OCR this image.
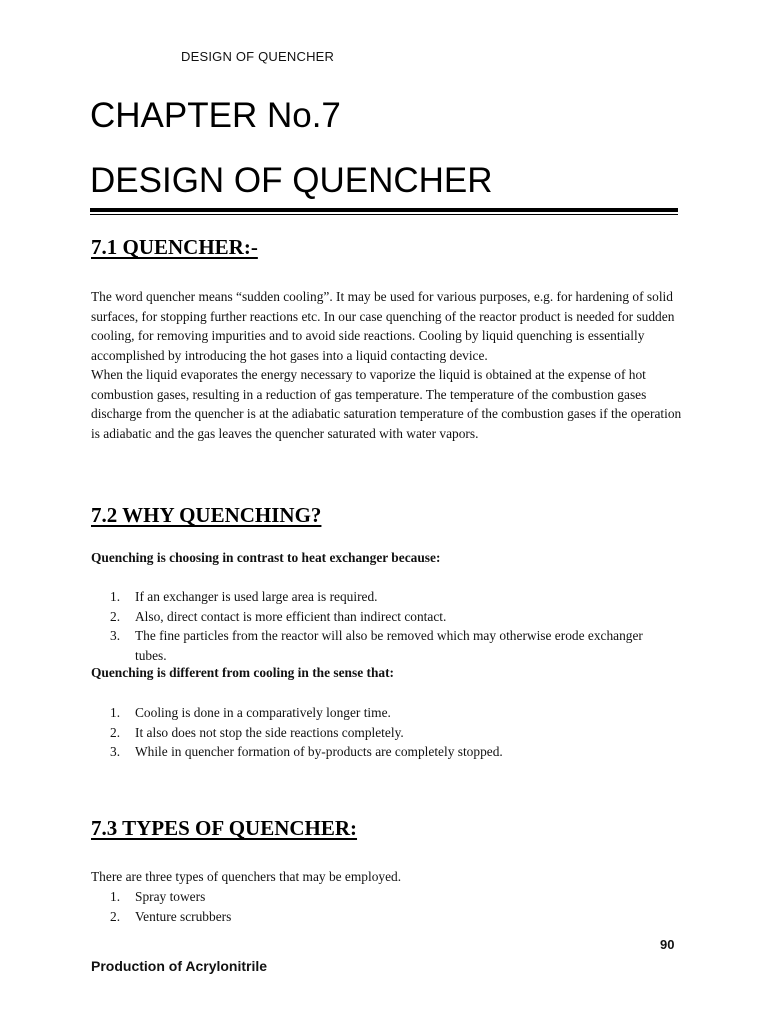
DESIGN OF QUENCHER
CHAPTER No.7
DESIGN OF QUENCHER
7.1 QUENCHER:-

The word quencher means “sudden cooling”. It may be used for various purposes, e.g. for hardening of solid surfaces, for stopping further reactions etc. In our case quenching of the reactor product is needed for sudden cooling, for removing impurities and to avoid side reactions. Cooling by liquid quenching is essentially accomplished by introducing the hot gases into a liquid contacting device.

When the liquid evaporates the energy necessary to vaporize the liquid is obtained at the expense of hot combustion gases, resulting in a reduction of gas temperature. The temperature of the combustion gases discharge from the quencher is at the adiabatic saturation temperature of the combustion gases if the operation is adiabatic and the gas leaves the quencher saturated with water vapors.

7.2 WHY QUENCHING?
Quenching is choosing in contrast to heat exchanger because:
1. If an exchanger is used large area is required.
2. Also, direct contact is more efficient than indirect contact.
3. The fine particles from the reactor will also be removed which may otherwise erode exchanger tubes.
Quenching is different from cooling in the sense that:
1. Cooling is done in a comparatively longer time.
2. It also does not stop the side reactions completely.
3. While in quencher formation of by-products are completely stopped.
7.3 TYPES OF QUENCHER:
There are three types of quenchers that may be employed.
1. Spray towers
2. Venture scrubbers
90
Production of Acrylonitrile
